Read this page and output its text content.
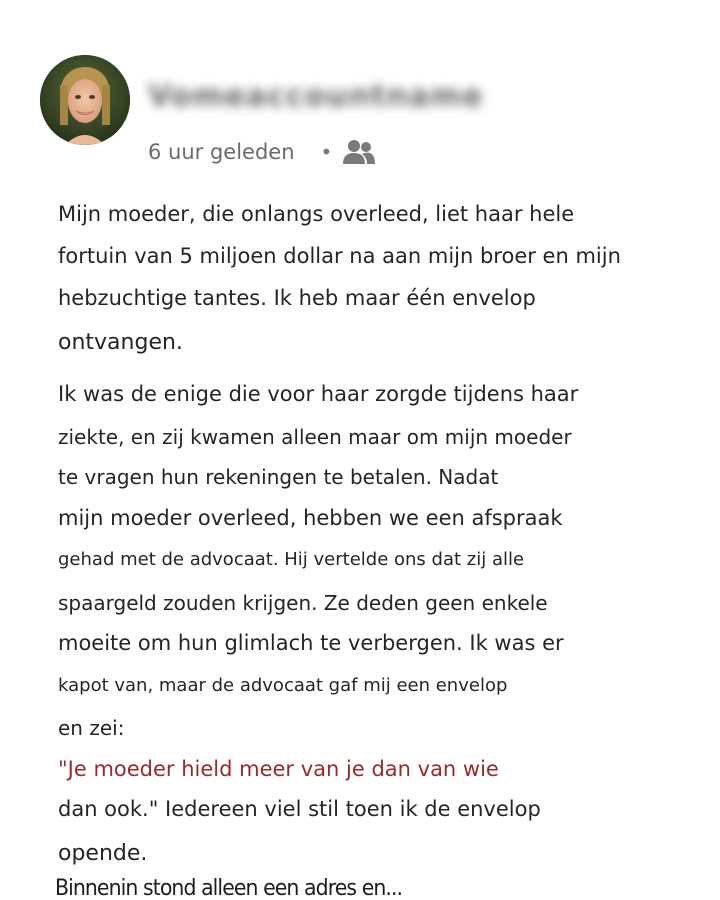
Vomeaccountname
6 uur geleden •
Mijn moeder, die onlangs overleed, liet haar hele
fortuin van 5 miljoen dollar na aan mijn broer en mijn
hebzuchtige tantes. Ik heb maar één envelop
ontvangen.
Ik was de enige die voor haar zorgde tijdens haar
ziekte, en zij kwamen alleen maar om mijn moeder
te vragen hun rekeningen te betalen. Nadat
mijn moeder overleed, hebben we een afspraak
gehad met de advocaat. Hij vertelde ons dat zij alle
spaargeld zouden krijgen. Ze deden geen enkele
moeite om hun glimlach te verbergen. Ik was er
kapot van, maar de advocaat gaf mij een envelop
en zei:
"Je moeder hield meer van je dan van wie
dan ook." Iedereen viel stil toen ik de envelop
opende.
Binnenin stond alleen een adres en...
